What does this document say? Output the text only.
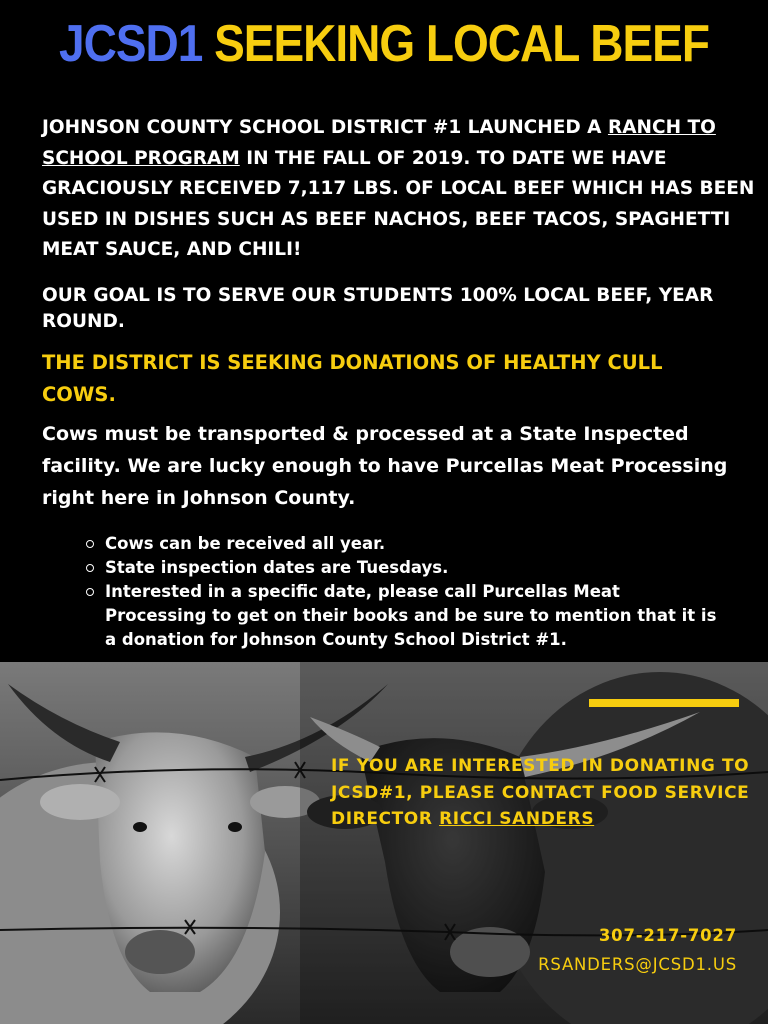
JCSD1 SEEKING LOCAL BEEF
JOHNSON COUNTY SCHOOL DISTRICT #1 LAUNCHED A RANCH TO SCHOOL PROGRAM IN THE FALL OF 2019. TO DATE WE HAVE GRACIOUSLY RECEIVED 7,117 LBS. OF LOCAL BEEF WHICH HAS BEEN USED IN DISHES SUCH AS BEEF NACHOS, BEEF TACOS, SPAGHETTI MEAT SAUCE, AND CHILI!
OUR GOAL IS TO SERVE OUR STUDENTS 100% LOCAL BEEF, YEAR ROUND.
THE DISTRICT IS SEEKING DONATIONS OF HEALTHY CULL COWS.
Cows must be transported & processed at a State Inspected facility. We are lucky enough to have Purcellas Meat Processing right here in Johnson County.
Cows can be received all year.
State inspection dates are Tuesdays.
Interested in a specific date, please call Purcellas Meat Processing to get on their books and be sure to mention that it is a donation for Johnson County School District #1.
IF YOU ARE INTERESTED IN DONATING TO JCSD#1, PLEASE CONTACT FOOD SERVICE DIRECTOR RICCI SANDERS
307-217-7027
RSANDERS@JCSD1.US
